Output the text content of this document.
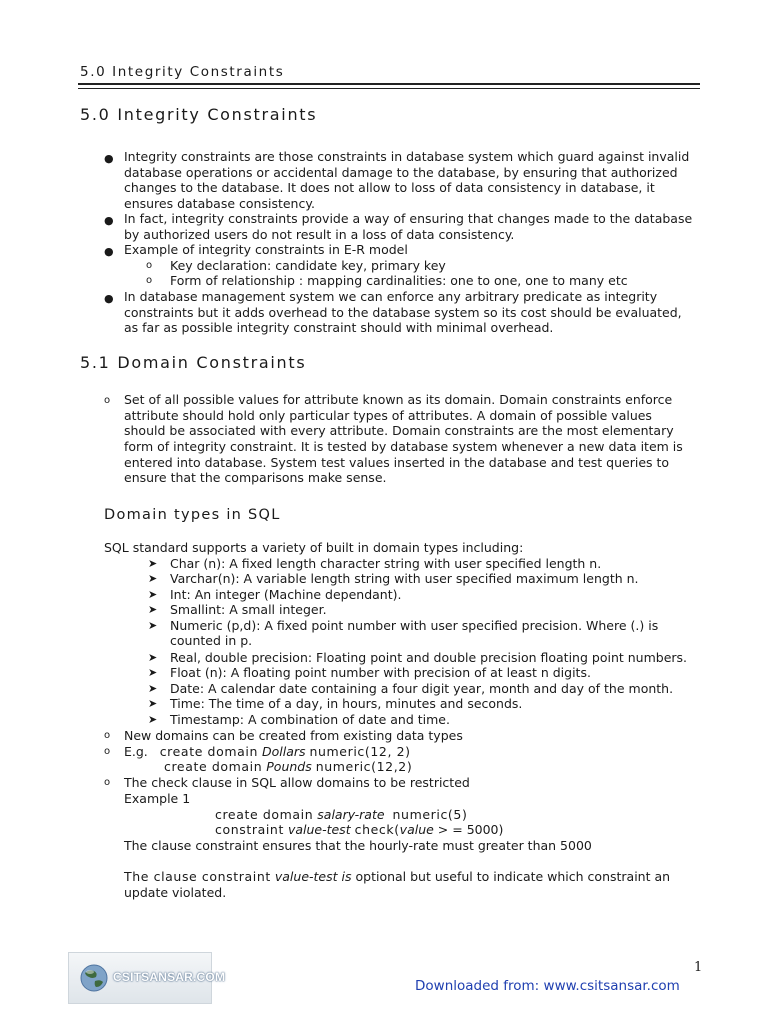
5.0 Integrity Constraints
5.0 Integrity Constraints
● Integrity constraints are those constraints in database system which guard against invalid
database operations or accidental damage to the database, by ensuring that authorized
changes to the database. It does not allow to loss of data consistency in database, it
ensures database consistency.
● In fact, integrity constraints provide a way of ensuring that changes made to the database
by authorized users do not result in a loss of data consistency.
● Example of integrity constraints in E-R model
o Key declaration: candidate key, primary key
o Form of relationship : mapping cardinalities: one to one, one to many etc
● In database management system we can enforce any arbitrary predicate as integrity
constraints but it adds overhead to the database system so its cost should be evaluated,
as far as possible integrity constraint should with minimal overhead.
5.1 Domain Constraints
o Set of all possible values for attribute known as its domain. Domain constraints enforce
attribute should hold only particular types of attributes. A domain of possible values
should be associated with every attribute. Domain constraints are the most elementary
form of integrity constraint. It is tested by database system whenever a new data item is
entered into database. System test values inserted in the database and test queries to
ensure that the comparisons make sense.
Domain types in SQL
SQL standard supports a variety of built in domain types including:
➤ Char (n): A fixed length character string with user specified length n.
➤ Varchar(n): A variable length string with user specified maximum length n.
➤ Int: An integer (Machine dependant).
➤ Smallint: A small integer.
➤ Numeric (p,d): A fixed point number with user specified precision. Where (.) is
counted in p.
➤ Real, double precision: Floating point and double precision floating point numbers.
➤ Float (n): A floating point number with precision of at least n digits.
➤ Date: A calendar date containing a four digit year, month and day of the month.
➤ Time: The time of a day, in hours, minutes and seconds.
➤ Timestamp: A combination of date and time.
o New domains can be created from existing data types
o E.g. create domain Dollars numeric(12, 2)
create domain Pounds numeric(12,2)
o The check clause in SQL allow domains to be restricted
Example 1
create domain salary-rate numeric(5)
constraint value-test check(value > = 5000)
The clause constraint ensures that the hourly-rate must greater than 5000
The clause constraint value-test is optional but useful to indicate which constraint an
update violated.
1
CSITSANSAR.COM
Downloaded from: www.csitsansar.com
